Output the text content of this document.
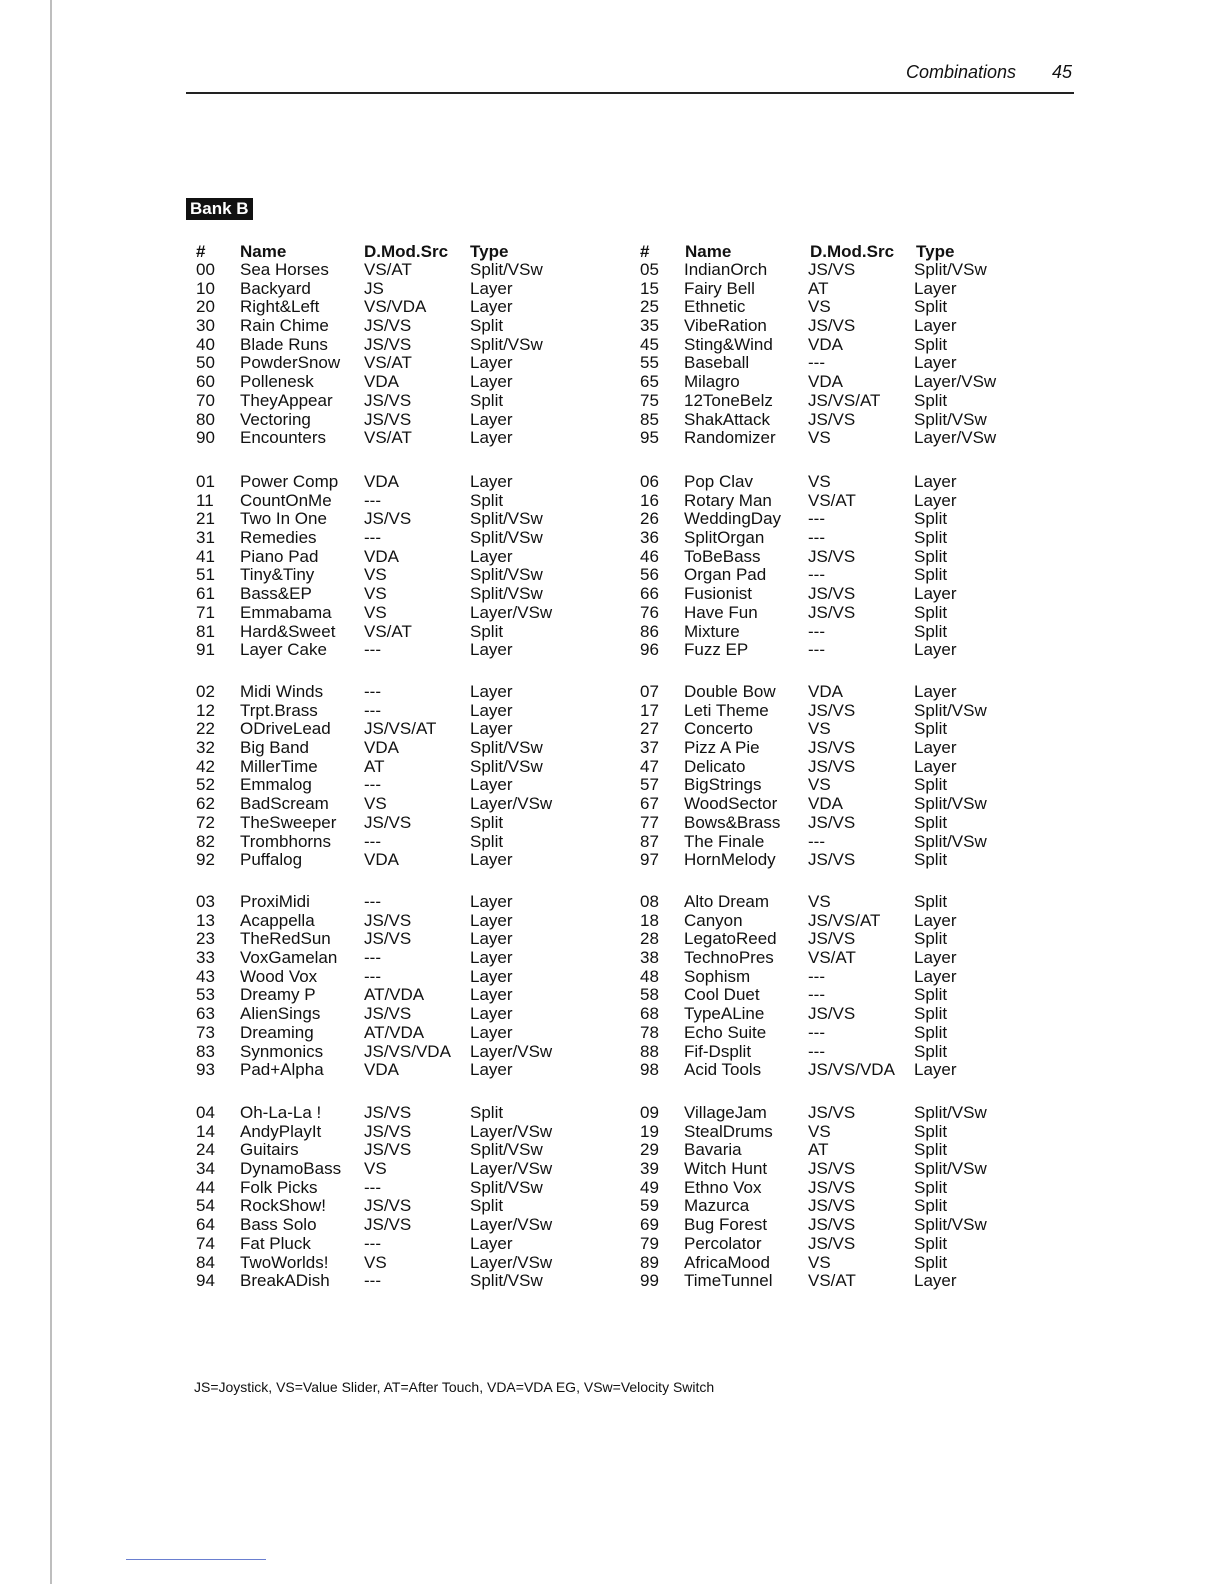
Combinations 45
Bank B
# Name	D.Mod.Src Type	# Name	D.Mod.Src Type
00 Sea Horses VS/AT	Split/VSw
10 Backyard	JS	Layer
20 Right&Left	VS/VDA	Layer
30 Rain Chime JS/VS	Split
40 Blade Runs JS/VS	Split/VSw
50 PowderSnow VS/AT	Layer
60 Pollenesk	VDA	Layer
70 TheyAppear JS/VS	Split
80 Vectoring	JS/VS	Layer
90 Encounters VS/AT	Layer
01 Power Comp VDA	Layer
11 CountOnMe ---	Split
21 Two In One JS/VS	Split/VSw
31 Remedies	---	Split/VSw
41 Piano Pad	VDA	Layer
51 Tiny&Tiny	VS	Split/VSw
61 Bass&EP	VS	Split/VSw
71 Emmabama VS	Layer/VSw
81 Hard&Sweet VS/AT	Split
91 Layer Cake ---	Layer
02 Midi Winds ---	Layer
12 Trpt.Brass	---	Layer
22 ODriveLead JS/VS/AT Layer
32 Big Band	VDA	Split/VSw
42 MillerTime	AT	Split/VSw
52 Emmalog	---	Layer
62 BadScream VS	Layer/VSw
72 TheSweeper JS/VS	Split
82 Trombhorns ---	Split
92 Puffalog	VDA	Layer
03 ProxiMidi	---	Layer
13 Acappella	JS/VS	Layer
23 TheRedSun JS/VS	Layer
33 VoxGamelan ---	Layer
43 Wood Vox	---	Layer
53 Dreamy P	AT/VDA	Layer
63 AlienSings	JS/VS	Layer
73 Dreaming	AT/VDA	Layer
83 Synmonics JS/VS/VDA Layer/VSw
93 Pad+Alpha VDA	Layer
04 Oh-La-La !	JS/VS	Split
14 AndyPlayIt	JS/VS	Layer/VSw
24 Guitairs	JS/VS	Split/VSw
34 DynamoBass VS	Layer/VSw
44 Folk Picks	---	Split/VSw
54 RockShow! JS/VS	Split
64 Bass Solo	JS/VS	Layer/VSw
74 Fat Pluck	---	Layer
84 TwoWorlds! VS	Layer/VSw
94 BreakADish ---	Split/VSw
05 IndianOrch JS/VS	Split/VSw
15 Fairy Bell	AT	Layer
25 Ethnetic	VS	Split
35 VibeRation JS/VS	Layer
45 Sting&Wind VDA	Split
55 Baseball	---	Layer
65 Milagro	VDA	Layer/VSw
75 12ToneBelz JS/VS/AT Split
85 ShakAttack JS/VS	Split/VSw
95 Randomizer VS	Layer/VSw
06 Pop Clav	VS	Layer
16 Rotary Man VS/AT	Layer
26 WeddingDay ---	Split
36 SplitOrgan	---	Split
46 ToBeBass	JS/VS	Split
56 Organ Pad ---	Split
66 Fusionist	JS/VS	Layer
76 Have Fun	JS/VS	Split
86 Mixture	---	Split
96 Fuzz EP	---	Layer
07 Double Bow VDA	Layer
17 Leti Theme JS/VS	Split/VSw
27 Concerto	VS	Split
37 Pizz A Pie	JS/VS	Layer
47 Delicato	JS/VS	Layer
57 BigStrings	VS	Split
67 WoodSector VDA	Split/VSw
77 Bows&Brass JS/VS	Split
87 The Finale	---	Split/VSw
97 HornMelody JS/VS	Split
08 Alto Dream VS	Split
18 Canyon	JS/VS/AT Layer
28 LegatoReed JS/VS	Split
38 TechnoPres VS/AT	Layer
48 Sophism	---	Layer
58 Cool Duet	---	Split
68 TypeALine	JS/VS	Split
78 Echo Suite ---	Split
88 Fif-Dsplit	---	Split
98 Acid Tools	JS/VS/VDA Layer
09 VillageJam JS/VS	Split/VSw
19 StealDrums VS	Split
29 Bavaria	AT	Split
39 Witch Hunt JS/VS	Split/VSw
49 Ethno Vox	JS/VS	Split
59 Mazurca	JS/VS	Split
69 Bug Forest JS/VS	Split/VSw
79 Percolator	JS/VS	Split
89 AfricaMood VS	Split
99 TimeTunnel VS/AT	Layer
JS=Joystick, VS=Value Slider, AT=After Touch, VDA=VDA EG, VSw=Velocity Switch
